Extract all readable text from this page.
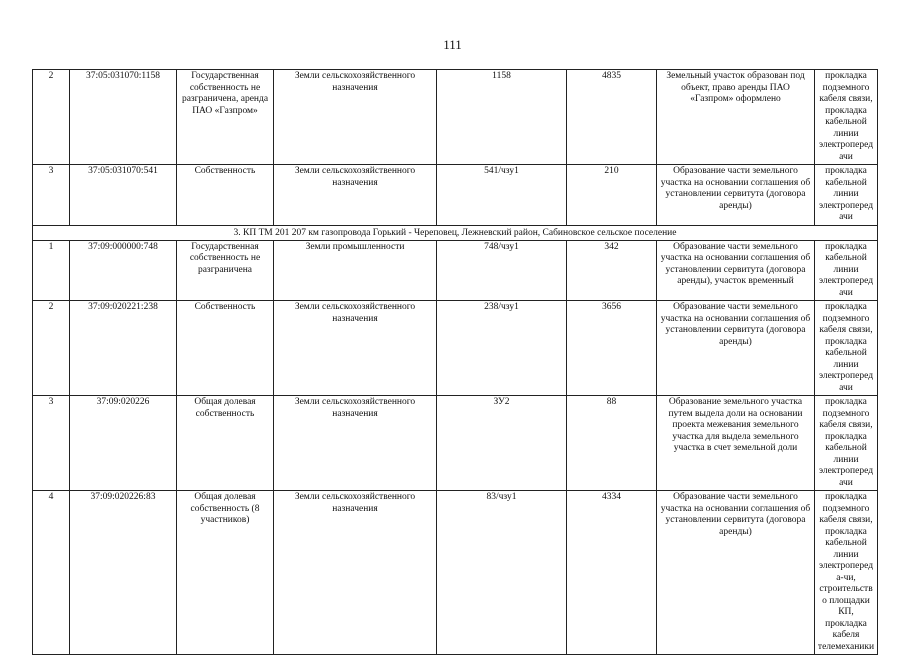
111
2	37:05:031070:1158	Государственная собственность не разграничена, аренда ПАО «Газпром»	Земли сельскохозяйственного назначения	1158	4835	Земельный участок образован под объект, право аренды ПАО «Газпром» оформлено	прокладка подземного кабеля связи, прокладка кабельной линии электропередачи
3	37:05:031070:541	Собственность	Земли сельскохозяйственного назначения	541/чзу1	210	Образование части земельного участка на основании соглашения об установлении сервитута (договора аренды)	прокладка кабельной линии электропередачи
3. КП ТМ 201 207 км газопровода Горький - Череповец, Лежневский район, Сабиновское сельское поселение							
1	37:09:000000:748	Государственная собственность не разграничена	Земли промышленности	748/чзу1	342	Образование части земельного участка на основании соглашения об установлении сервитута (договора аренды), участок временный	прокладка кабельной линии электропередачи
2	37:09:020221:238	Собственность	Земли сельскохозяйственного назначения	238/чзу1	3656	Образование части земельного участка на основании соглашения об установлении сервитута (договора аренды)	прокладка подземного кабеля связи, прокладка кабельной линии электропередачи
3	37:09:020226	Общая долевая собственность	Земли сельскохозяйственного назначения	ЗУ2	88	Образование земельного участка путем выдела доли на основании проекта межевания земельного участка для выдела земельного участка в счет земельной доли	прокладка подземного кабеля связи, прокладка кабельной линии электропередачи
4	37:09:020226:83	Общая долевая собственность (8 участников)	Земли сельскохозяйственного назначения	83/чзу1	4334	Образование части земельного участка на основании соглашения об установлении сервитута (договора аренды)	прокладка подземного кабеля связи, прокладка кабельной линии электропереда-чи, строительство площадки КП, прокладка кабеля телемеханики
